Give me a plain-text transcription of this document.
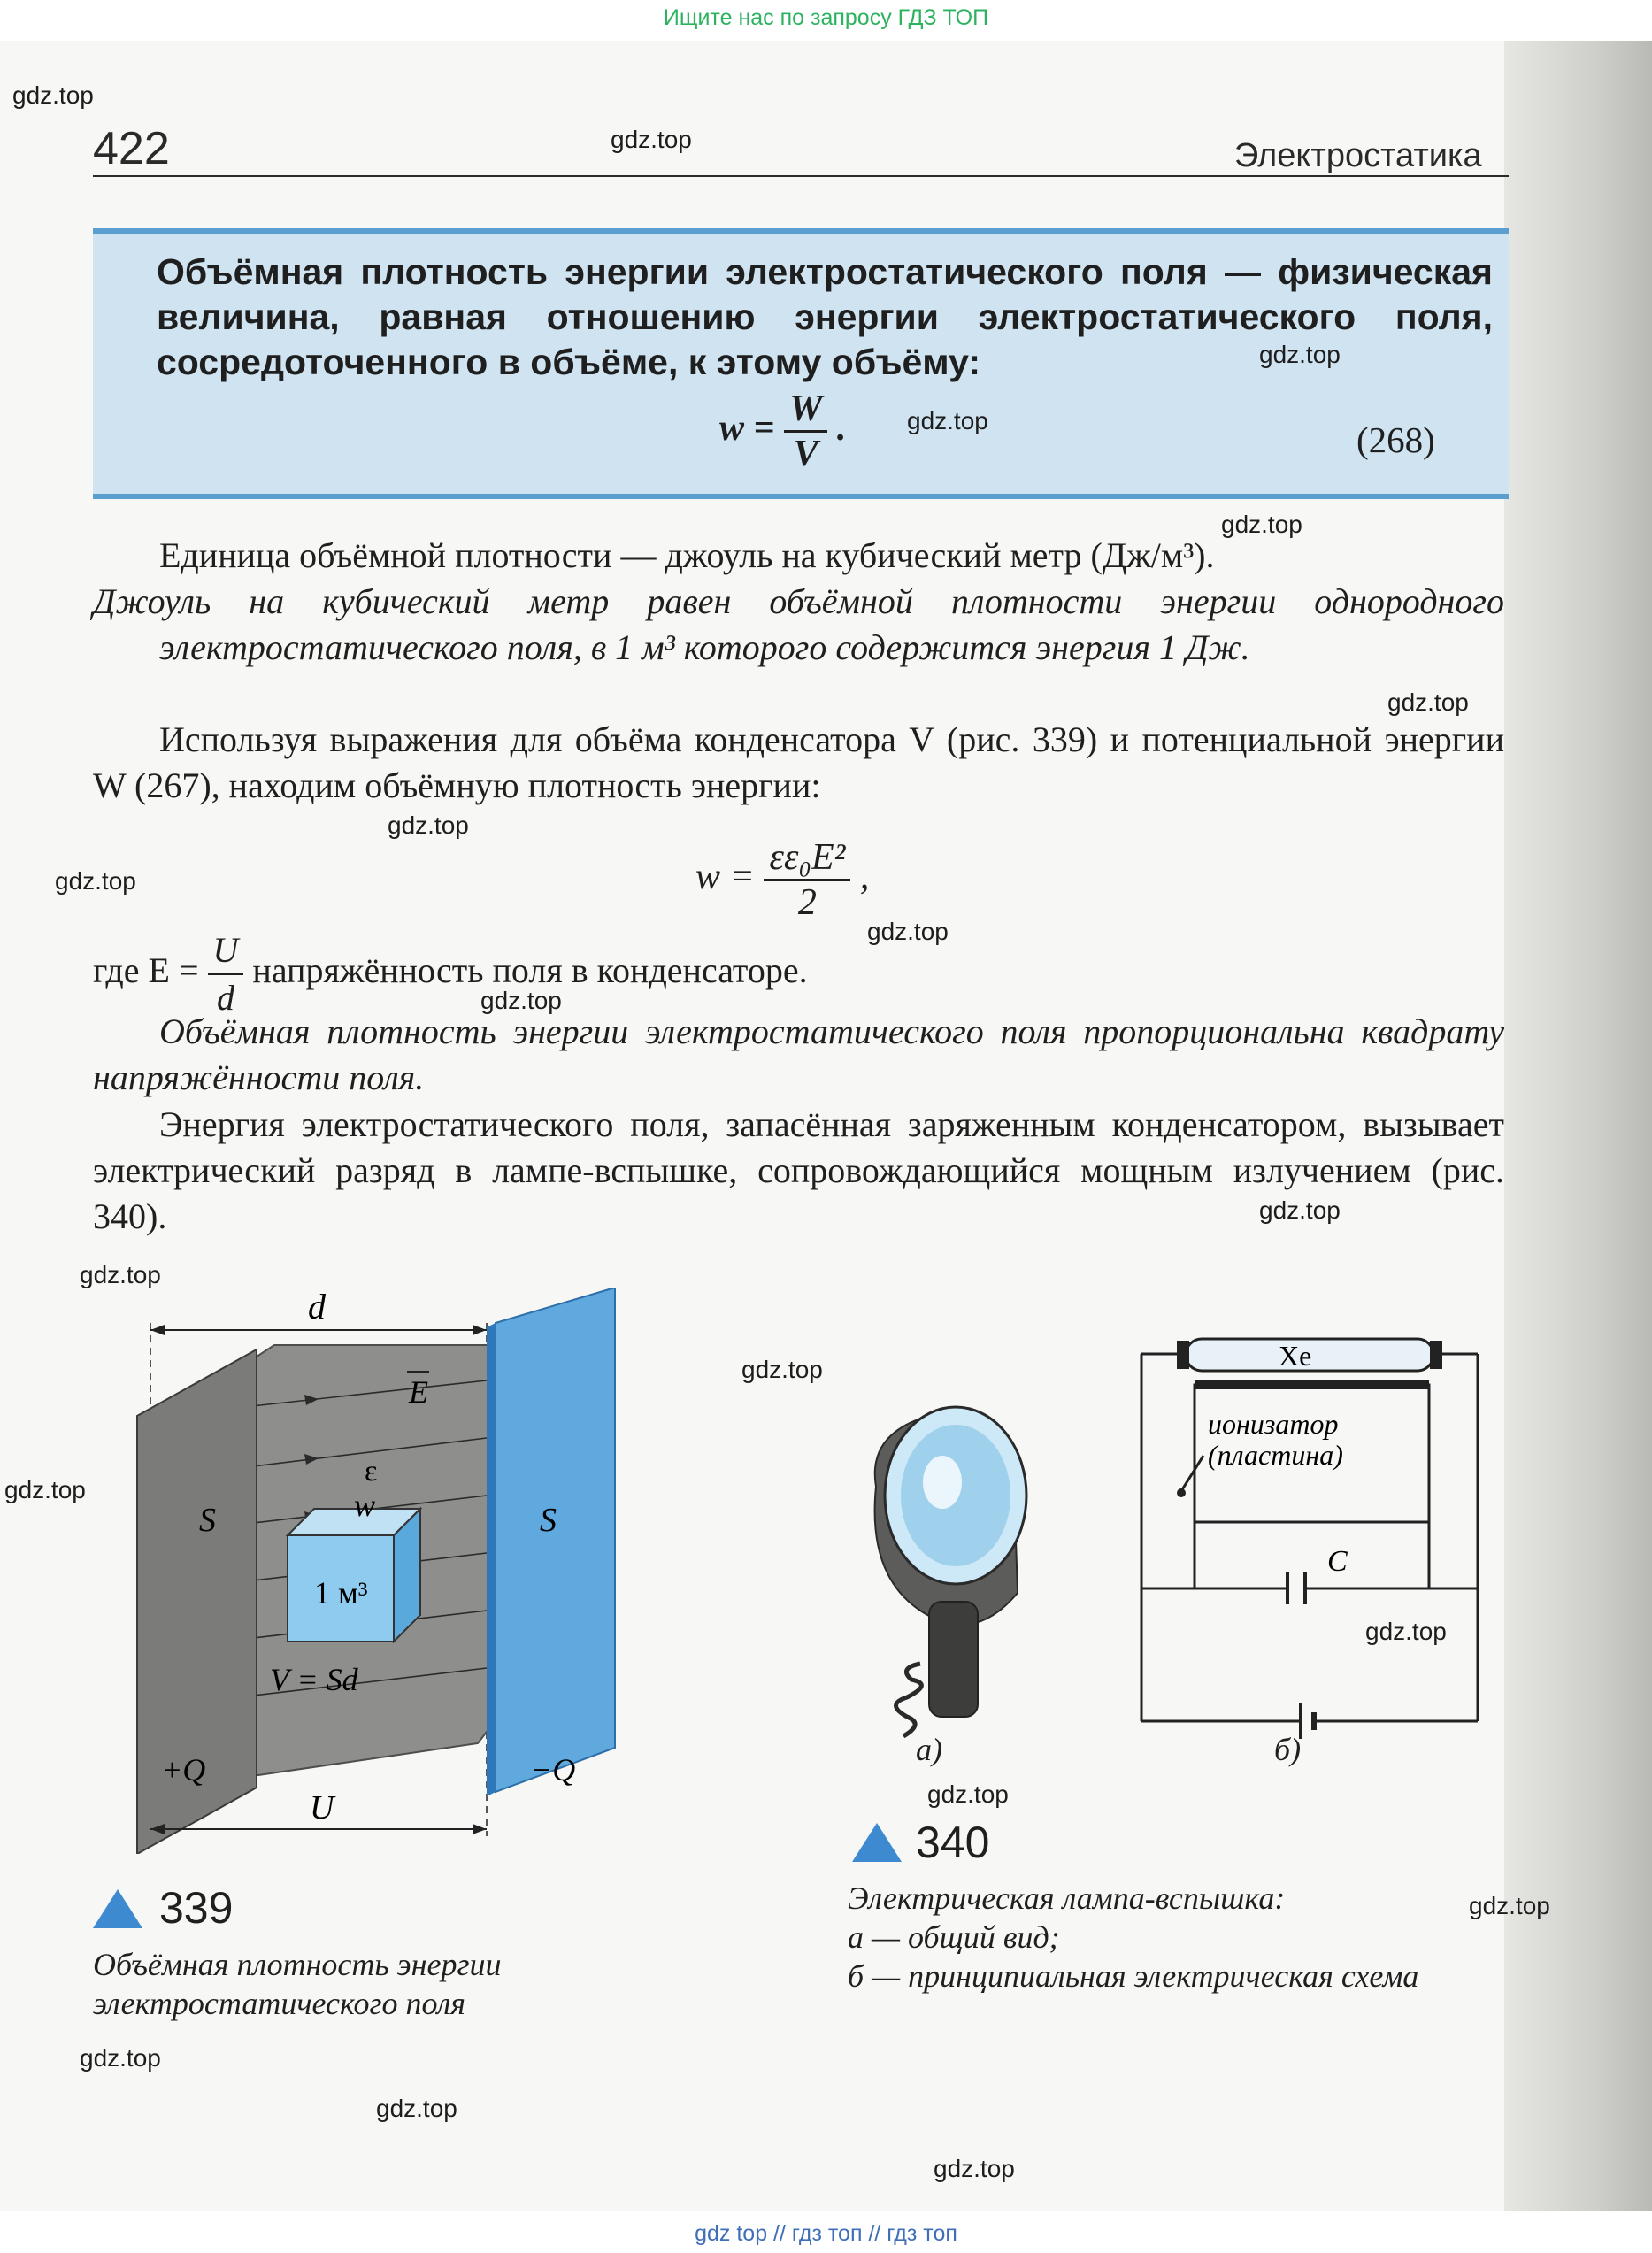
Ищите нас по запросу ГДЗ ТОП
422	Электростатика
Объёмная плотность энергии электростатического поля — физическая величина, равная отношению энергии электростатического поля, сосредоточенного в объёме, к этому объёму:
$w = \frac{W}{V}$ .	(268)
Единица объёмной плотности — джоуль на кубический метр (Дж/м³).
Джоуль на кубический метр равен объёмной плотности энергии однородного электростатического поля, в 1 м³ которого содержится энергия 1 Дж.
Используя выражения для объёма конденсатора V (рис. 339) и потенциальной энергии W (267), находим объёмную плотность энергии:
$w = \frac{\text{εε₀E²}}{2}$ ,
где $E = \frac{U}{d}$ напряжённость поля в конденсаторе.
Объёмная плотность энергии электростатического поля пропорциональна квадрату напряжённости поля.
Энергия электростатического поля, запасённая заряженным конденсатором, вызывает электрический разряд в лампе-вспышке, сопровождающийся мощным излучением (рис. 340).
d
E
ε
w
S	S
1 м³
V = Sd
+Q	−Q
U
339
Объёмная плотность энергии электростатического поля
а)
Xe
ионизатор
(пластина)
C
б)
340
Электрическая лампа-вспышка:
а — общий вид;
б — принципиальная электрическая схема
gdz.top
gdz.top
gdz.top
gdz.top
gdz.top
gdz.top
gdz.top
gdz.top
gdz.top
gdz.top
gdz.top
gdz.top
gdz.top
gdz.top
gdz.top
gdz.top
gdz.top
gdz.top
gdz.top
gdz.top
gdz top // гдз топ // гдз топ
